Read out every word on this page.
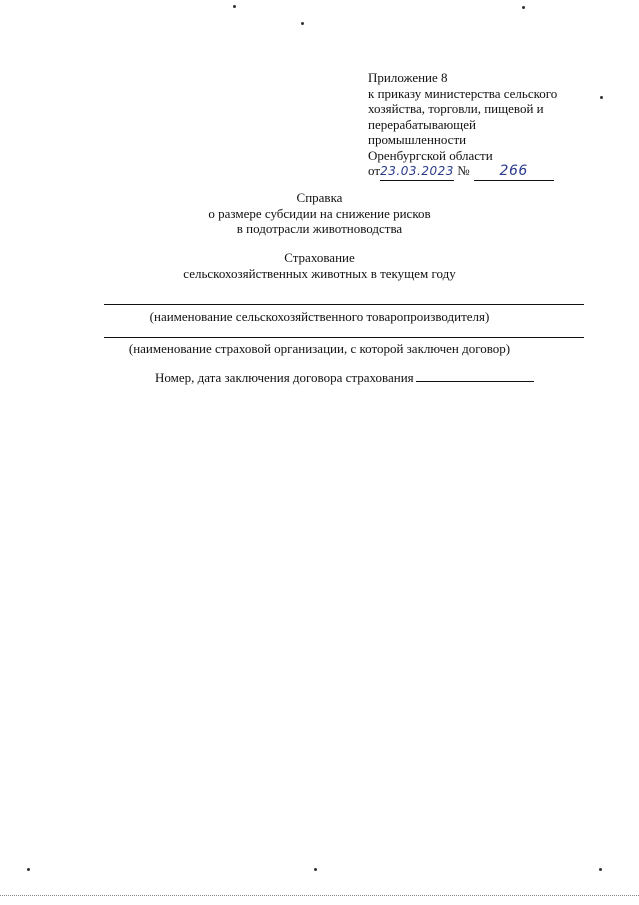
Приложение 8
к приказу министерства сельского
хозяйства, торговли, пищевой и
перерабатывающей
промышленности
Оренбургской области
от23.03.2023 № 266
Справка
о размере субсидии на снижение рисков
в подотрасли животноводства
Страхование
сельскохозяйственных животных в текущем году
(наименование сельскохозяйственного товаропроизводителя)
(наименование страховой организации, с которой заключен договор)
Номер, дата заключения договора страхования
